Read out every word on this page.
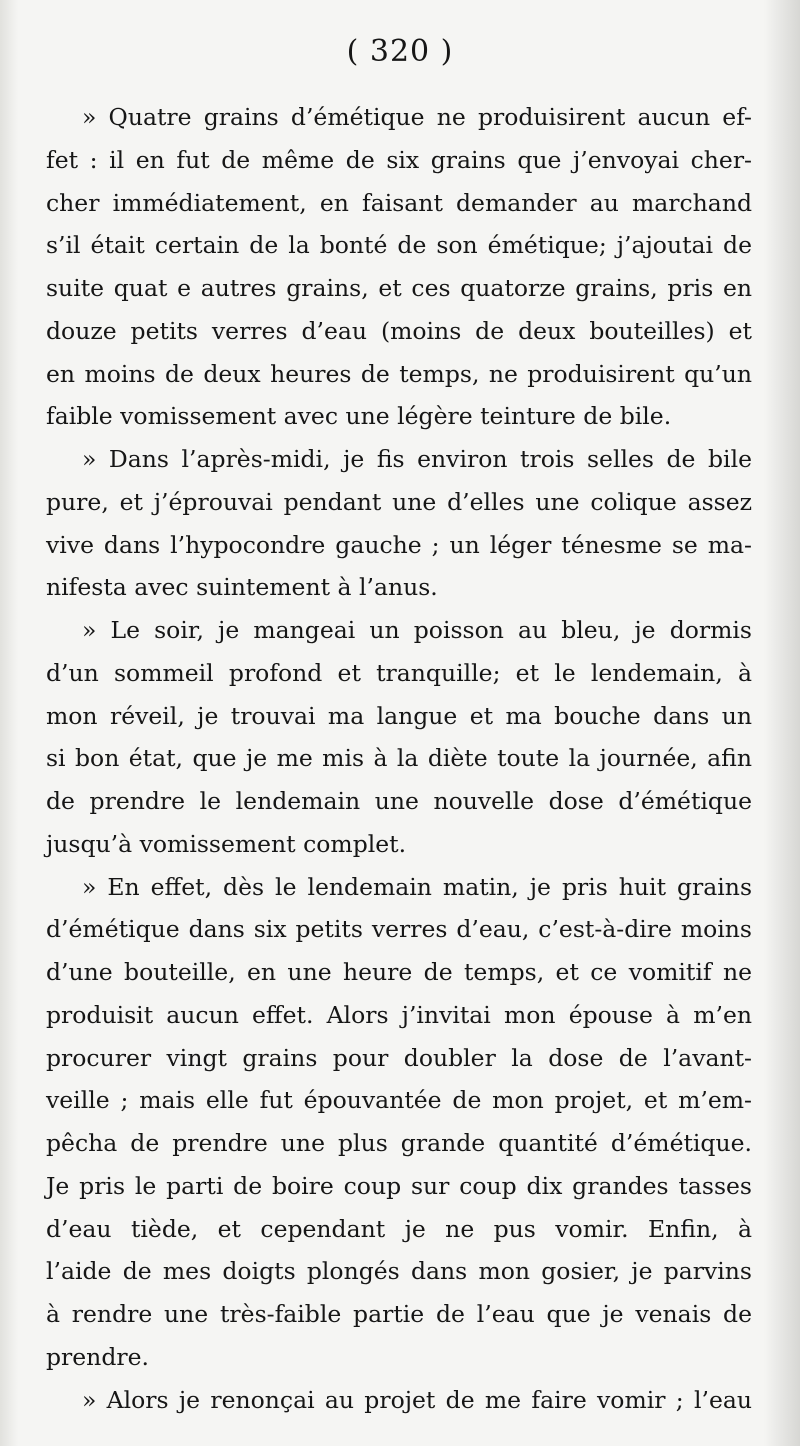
( 320 )
» Quatre grains d’émétique ne produisirent aucun ef-
fet : il en fut de même de six grains que j’envoyai cher-
cher immédiatement, en faisant demander au marchand
s’il était certain de la bonté de son émétique; j’ajoutai de
suite quat e autres grains, et ces quatorze grains, pris en
douze petits verres d’eau (moins de deux bouteilles) et
en moins de deux heures de temps, ne produisirent qu’un
faible vomissement avec une légère teinture de bile.
» Dans l’après-midi, je fis environ trois selles de bile
pure, et j’éprouvai pendant une d’elles une colique assez
vive dans l’hypocondre gauche ; un léger ténesme se ma-
nifesta avec suintement à l’anus.
» Le soir, je mangeai un poisson au bleu, je dormis
d’un sommeil profond et tranquille; et le lendemain, à
mon réveil, je trouvai ma langue et ma bouche dans un
si bon état, que je me mis à la diète toute la journée, afin
de prendre le lendemain une nouvelle dose d’émétique
jusqu’à vomissement complet.
» En effet, dès le lendemain matin, je pris huit grains
d’émétique dans six petits verres d’eau, c’est-à-dire moins
d’une bouteille, en une heure de temps, et ce vomitif ne
produisit aucun effet. Alors j’invitai mon épouse à m’en
procurer vingt grains pour doubler la dose de l’avant-
veille ; mais elle fut épouvantée de mon projet, et m’em-
pêcha de prendre une plus grande quantité d’émétique.
Je pris le parti de boire coup sur coup dix grandes tasses
d’eau tiède, et cependant je ne pus vomir. Enfin, à
l’aide de mes doigts plongés dans mon gosier, je parvins
à rendre une très-faible partie de l’eau que je venais de
prendre.
» Alors je renonçai au projet de me faire vomir ; l’eau
